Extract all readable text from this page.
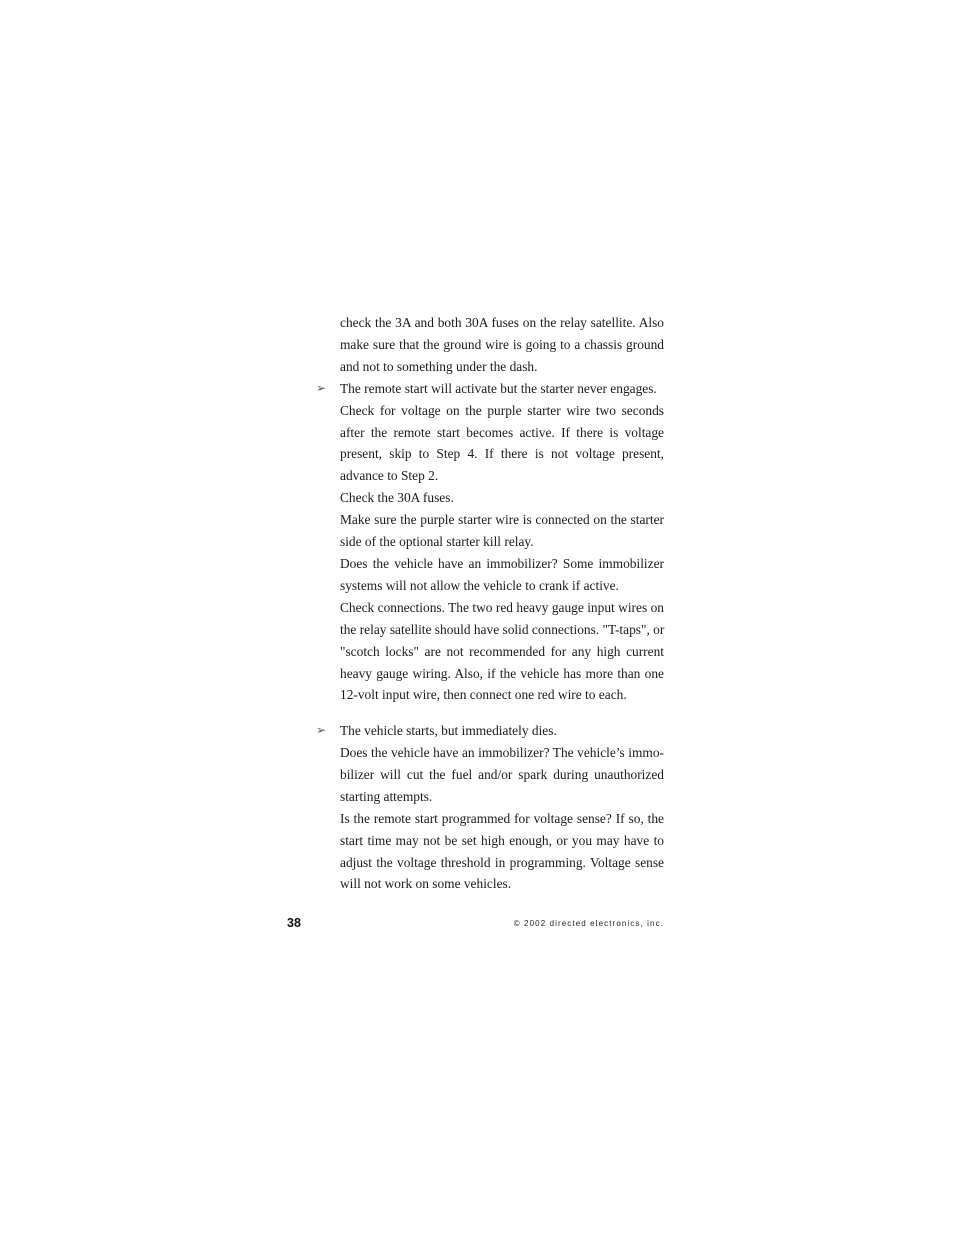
check the 3A and both 30A fuses on the relay satellite. Also
make sure that the ground wire is going to a chassis ground
and not to something under the dash.
➢ The remote start will activate but the starter never engages.
Check for voltage on the purple starter wire two seconds
after the remote start becomes active. If there is voltage
present, skip to Step 4. If there is not voltage present,
advance to Step 2.
Check the 30A fuses.
Make sure the purple starter wire is connected on the starter
side of the optional starter kill relay.
Does the vehicle have an immobilizer? Some immobilizer
systems will not allow the vehicle to crank if active.
Check connections. The two red heavy gauge input wires on
the relay satellite should have solid connections. "T-taps", or
"scotch locks" are not recommended for any high current
heavy gauge wiring. Also, if the vehicle has more than one
12-volt input wire, then connect one red wire to each.
➢ The vehicle starts, but immediately dies.
Does the vehicle have an immobilizer? The vehicle’s immo-
bilizer will cut the fuel and/or spark during unauthorized
starting attempts.
Is the remote start programmed for voltage sense? If so, the
start time may not be set high enough, or you may have to
adjust the voltage threshold in programming. Voltage sense
will not work on some vehicles.
38	© 2002 directed electronics, inc.
